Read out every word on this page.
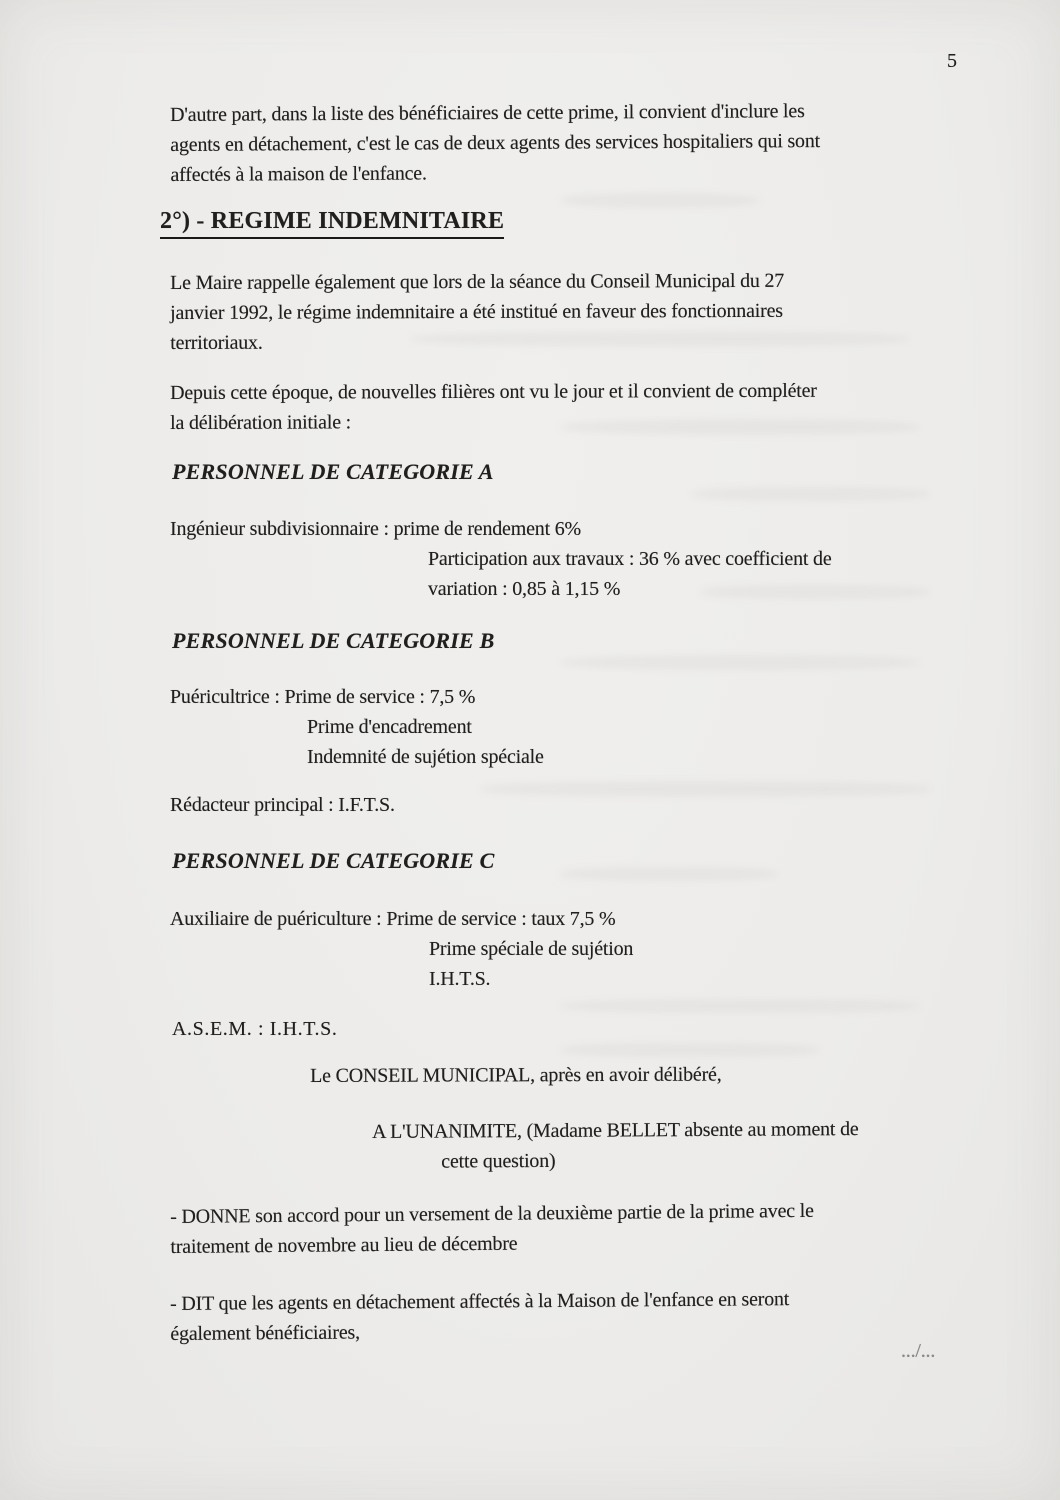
5
D'autre part, dans la liste des bénéficiaires de cette prime, il convient d'inclure les
agents en détachement, c'est le cas de deux agents des services hospitaliers qui sont
affectés à la maison de l'enfance.
2°) - REGIME INDEMNITAIRE
Le Maire rappelle également que lors de la séance du Conseil Municipal du 27
janvier 1992, le régime indemnitaire a été institué en faveur des fonctionnaires
territoriaux.
Depuis cette époque, de nouvelles filières ont vu le jour et il convient de compléter
la délibération initiale :
PERSONNEL DE CATEGORIE A
Ingénieur subdivisionnaire : prime de rendement 6%
Participation aux travaux : 36 % avec coefficient de
variation : 0,85 à 1,15 %
PERSONNEL DE CATEGORIE B
Puéricultrice : Prime de service : 7,5 %
Prime d'encadrement
Indemnité de sujétion spéciale
Rédacteur principal : I.F.T.S.
PERSONNEL DE CATEGORIE C
Auxiliaire de puériculture : Prime de service : taux 7,5 %
Prime spéciale de sujétion
I.H.T.S.
A.S.E.M. : I.H.T.S.
Le CONSEIL MUNICIPAL, après en avoir délibéré,
A L'UNANIMITE, (Madame BELLET absente au moment de
cette question)
- DONNE son accord pour un versement de la deuxième partie de la prime avec le
traitement de novembre au lieu de décembre
- DIT que les agents en détachement affectés à la Maison de l'enfance en seront
également bénéficiaires,
.../...
